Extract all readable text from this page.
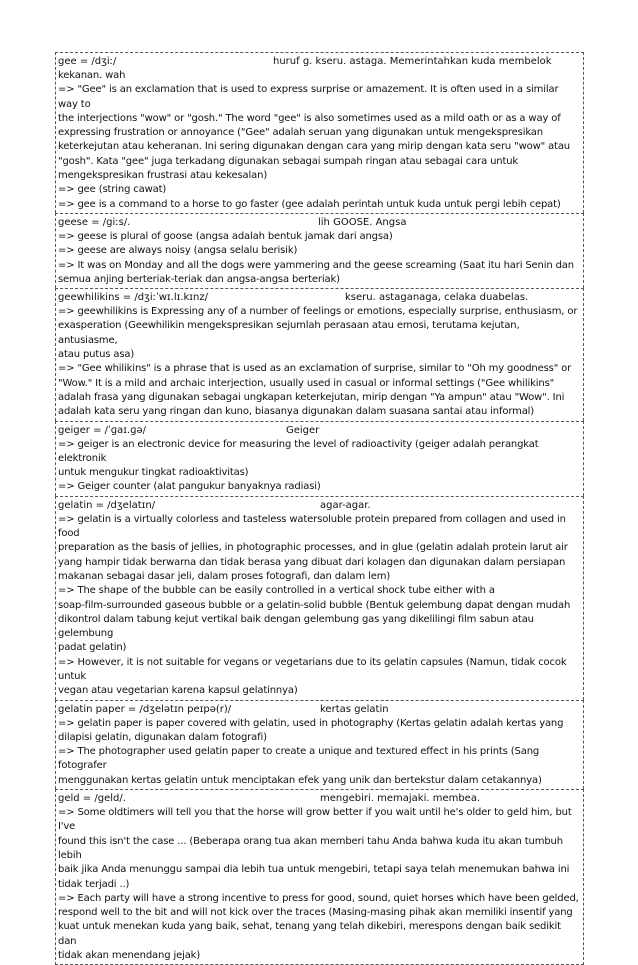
gee = /dʒiː/	huruf g. kseru. astaga. Memerintahkan kuda membelok

kekanan. wah

=> "Gee" is an exclamation that is used to express surprise or amazement. It is often used in a similar way to

the interjections "wow" or "gosh." The word "gee" is also sometimes used as a mild oath or as a way of

expressing frustration or annoyance ("Gee" adalah seruan yang digunakan untuk mengekspresikan

keterkejutan atau keheranan. Ini sering digunakan dengan cara yang mirip dengan kata seru "wow" atau

"gosh". Kata "gee" juga terkadang digunakan sebagai sumpah ringan atau sebagai cara untuk

mengekspresikan frustrasi atau kekesalan)

=> gee (string cawat)

=> gee is a command to a horse to go faster (gee adalah perintah untuk kuda untuk pergi lebih cepat)

geese = /giːs/.	lih GOOSE. Angsa

=> geese is plural of goose (angsa adalah bentuk jamak dari angsa)

=> geese are always noisy (angsa selalu berisik)

=> It was on Monday and all the dogs were yammering and the geese screaming (Saat itu hari Senin dan

semua anjing berteriak-teriak dan angsa-angsa berteriak)

geewhilikins = /dʒiːˈwɪ.lɪ.kɪnz/	kseru. astaganaga, celaka duabelas.

=> geewhilikins is Expressing any of a number of feelings or emotions, especially surprise, enthusiasm, or

exasperation (Geewhilikin mengekspresikan sejumlah perasaan atau emosi, terutama kejutan, antusiasme,

atau putus asa)

=> "Gee whilikins" is a phrase that is used as an exclamation of surprise, similar to "Oh my goodness" or

"Wow." It is a mild and archaic interjection, usually used in casual or informal settings ("Gee whilikins"

adalah frasa yang digunakan sebagai ungkapan keterkejutan, mirip dengan "Ya ampun" atau "Wow". Ini

adalah kata seru yang ringan dan kuno, biasanya digunakan dalam suasana santai atau informal)

geiger = /ˈɡaɪ.ɡə/	Geiger

=> geiger is an electronic device for measuring the level of radioactivity (geiger adalah perangkat elektronik

untuk mengukur tingkat radioaktivitas)

=> Geiger counter (alat pangukur banyaknya radiasi)

gelatin = /dʒelatɪn/	agar-agar.

=> gelatin is a virtually colorless and tasteless watersoluble protein prepared from collagen and used in food

preparation as the basis of jellies, in photographic processes, and in glue (gelatin adalah protein larut air

yang hampir tidak berwarna dan tidak berasa yang dibuat dari kolagen dan digunakan dalam persiapan

makanan sebagai dasar jeli, dalam proses fotografi, dan dalam lem)

=> The shape of the bubble can be easily controlled in a vertical shock tube either with a

soap-film-surrounded gaseous bubble or a gelatin-solid bubble (Bentuk gelembung dapat dengan mudah

dikontrol dalam tabung kejut vertikal baik dengan gelembung gas yang dikelilingi film sabun atau gelembung

padat gelatin)

=> However, it is not suitable for vegans or vegetarians due to its gelatin capsules (Namun, tidak cocok untuk

vegan atau vegetarian karena kapsul gelatinnya)

gelatin paper = /dʒelətɪn peɪpə(r)/	kertas gelatin

=> gelatin paper is paper covered with gelatin, used in photography (Kertas gelatin adalah kertas yang

dilapisi gelatin, digunakan dalam fotografi)

=> The photographer used gelatin paper to create a unique and textured effect in his prints (Sang fotografer

menggunakan kertas gelatin untuk menciptakan efek yang unik dan bertekstur dalam cetakannya)

geld = /geld/.	mengebiri. memajaki. membea.

=> Some oldtimers will tell you that the horse will grow better if you wait until he's older to geld him, but I've

found this isn't the case ... (Beberapa orang tua akan memberi tahu Anda bahwa kuda itu akan tumbuh lebih

baik jika Anda menunggu sampai dia lebih tua untuk mengebiri, tetapi saya telah menemukan bahwa ini

tidak terjadi ..)

=> Each party will have a strong incentive to press for good, sound, quiet horses which have been gelded,

respond well to the bit and will not kick over the traces (Masing-masing pihak akan memiliki insentif yang

kuat untuk menekan kuda yang baik, sehat, tenang yang telah dikebiri, merespons dengan baik sedikit dan

tidak akan menendang jejak)
